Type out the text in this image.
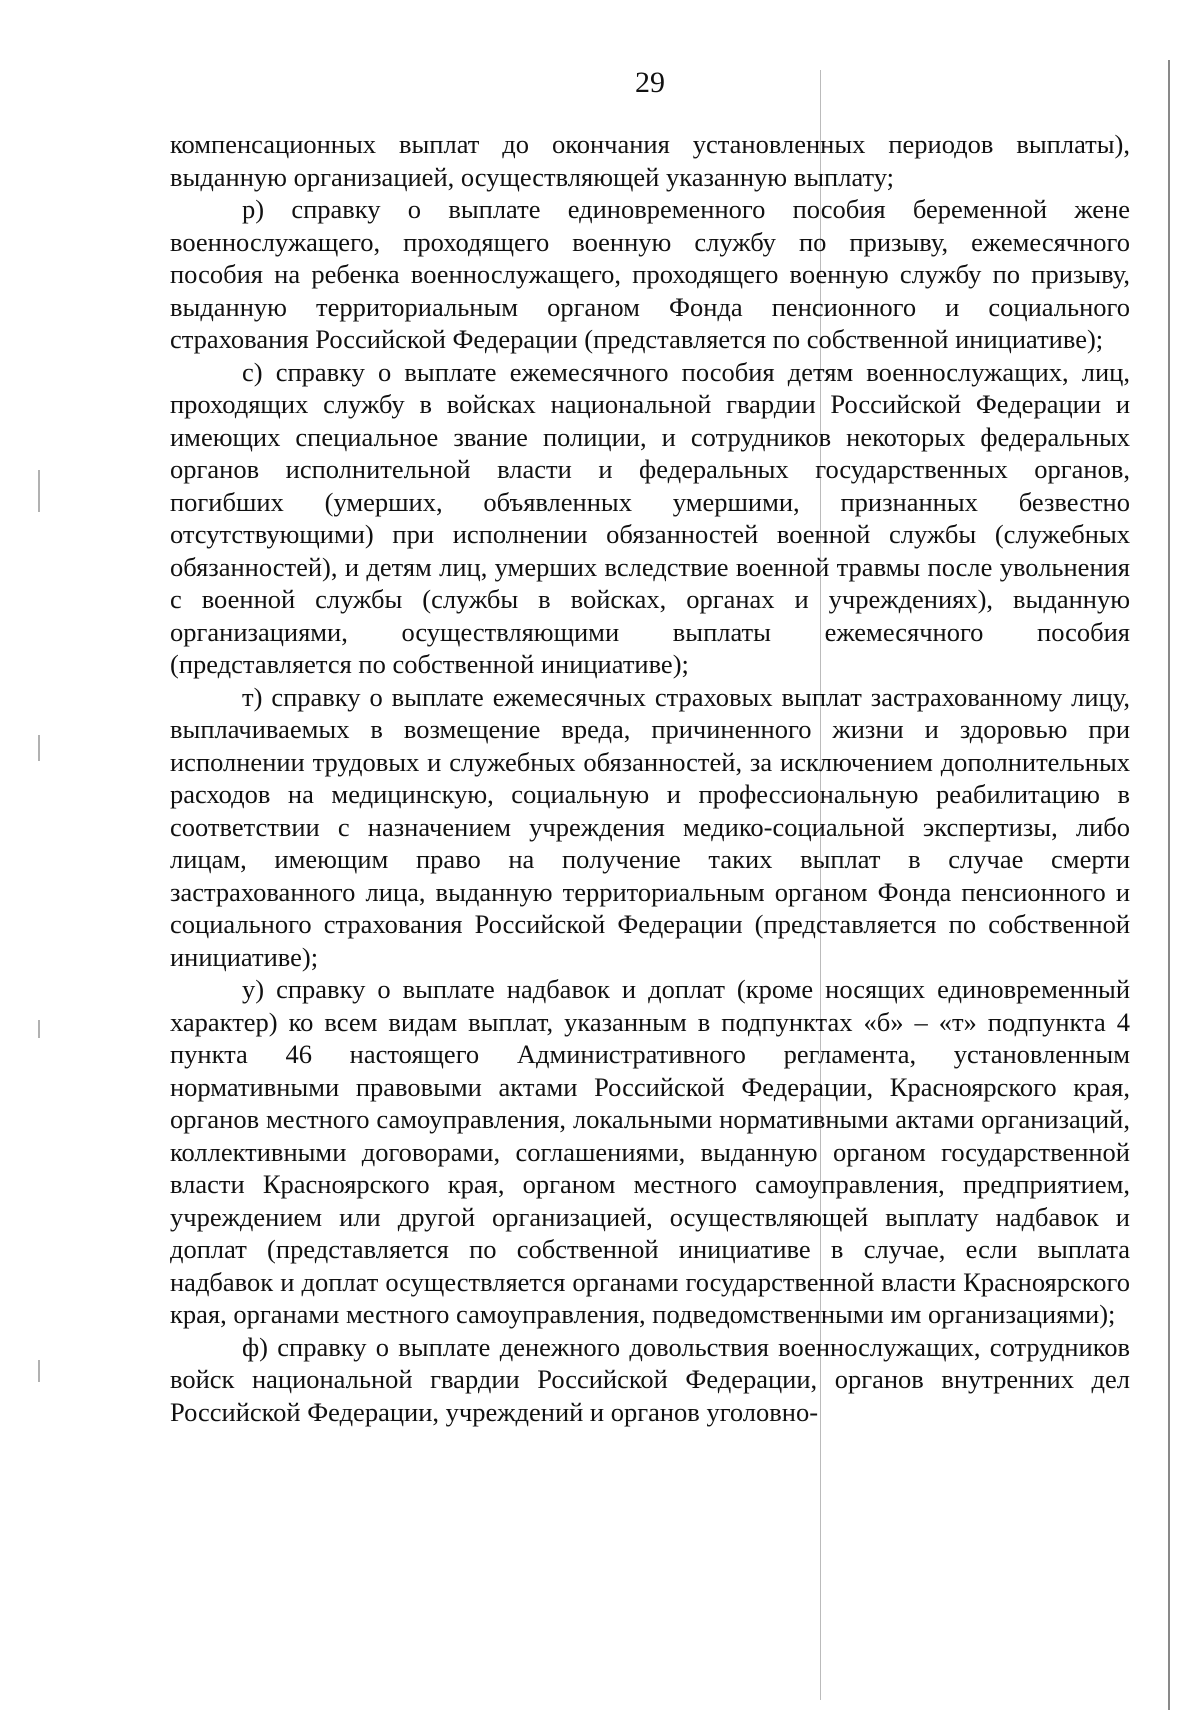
29

компенсационных выплат до окончания установленных периодов выплаты), выданную организацией, осуществляющей указанную выплату;

р) справку о выплате единовременного пособия беременной жене военнослужащего, проходящего военную службу по призыву, ежемесячного пособия на ребенка военнослужащего, проходящего военную службу по призыву, выданную территориальным органом Фонда пенсионного и социального страхования Российской Федерации (представляется по собственной инициативе);

с) справку о выплате ежемесячного пособия детям военнослужащих, лиц, проходящих службу в войсках национальной гвардии Российской Федерации и имеющих специальное звание полиции, и сотрудников некоторых федеральных органов исполнительной власти и федеральных государственных органов, погибших (умерших, объявленных умершими, признанных безвестно отсутствующими) при исполнении обязанностей военной службы (служебных обязанностей), и детям лиц, умерших вследствие военной травмы после увольнения с военной службы (службы в войсках, органах и учреждениях), выданную организациями, осуществляющими выплаты ежемесячного пособия (представляется по собственной инициативе);

т) справку о выплате ежемесячных страховых выплат застрахованному лицу, выплачиваемых в возмещение вреда, причиненного жизни и здоровью при исполнении трудовых и служебных обязанностей, за исключением дополнительных расходов на медицинскую, социальную и профессиональную реабилитацию в соответствии с назначением учреждения медико-социальной экспертизы, либо лицам, имеющим право на получение таких выплат в случае смерти застрахованного лица, выданную территориальным органом Фонда пенсионного и социального страхования Российской Федерации (представляется по собственной инициативе);

у) справку о выплате надбавок и доплат (кроме носящих единовременный характер) ко всем видам выплат, указанным в подпунктах «б» – «т» подпункта 4 пункта 46 настоящего Административного регламента, установленным нормативными правовыми актами Российской Федерации, Красноярского края, органов местного самоуправления, локальными нормативными актами организаций, коллективными договорами, соглашениями, выданную органом государственной власти Красноярского края, органом местного самоуправления, предприятием, учреждением или другой организацией, осуществляющей выплату надбавок и доплат (представляется по собственной инициативе в случае, если выплата надбавок и доплат осуществляется органами государственной власти Красноярского края, органами местного самоуправления, подведомственными им организациями);

ф) справку о выплате денежного довольствия военнослужащих, сотрудников войск национальной гвардии Российской Федерации, органов внутренних дел Российской Федерации, учреждений и органов уголовно-
